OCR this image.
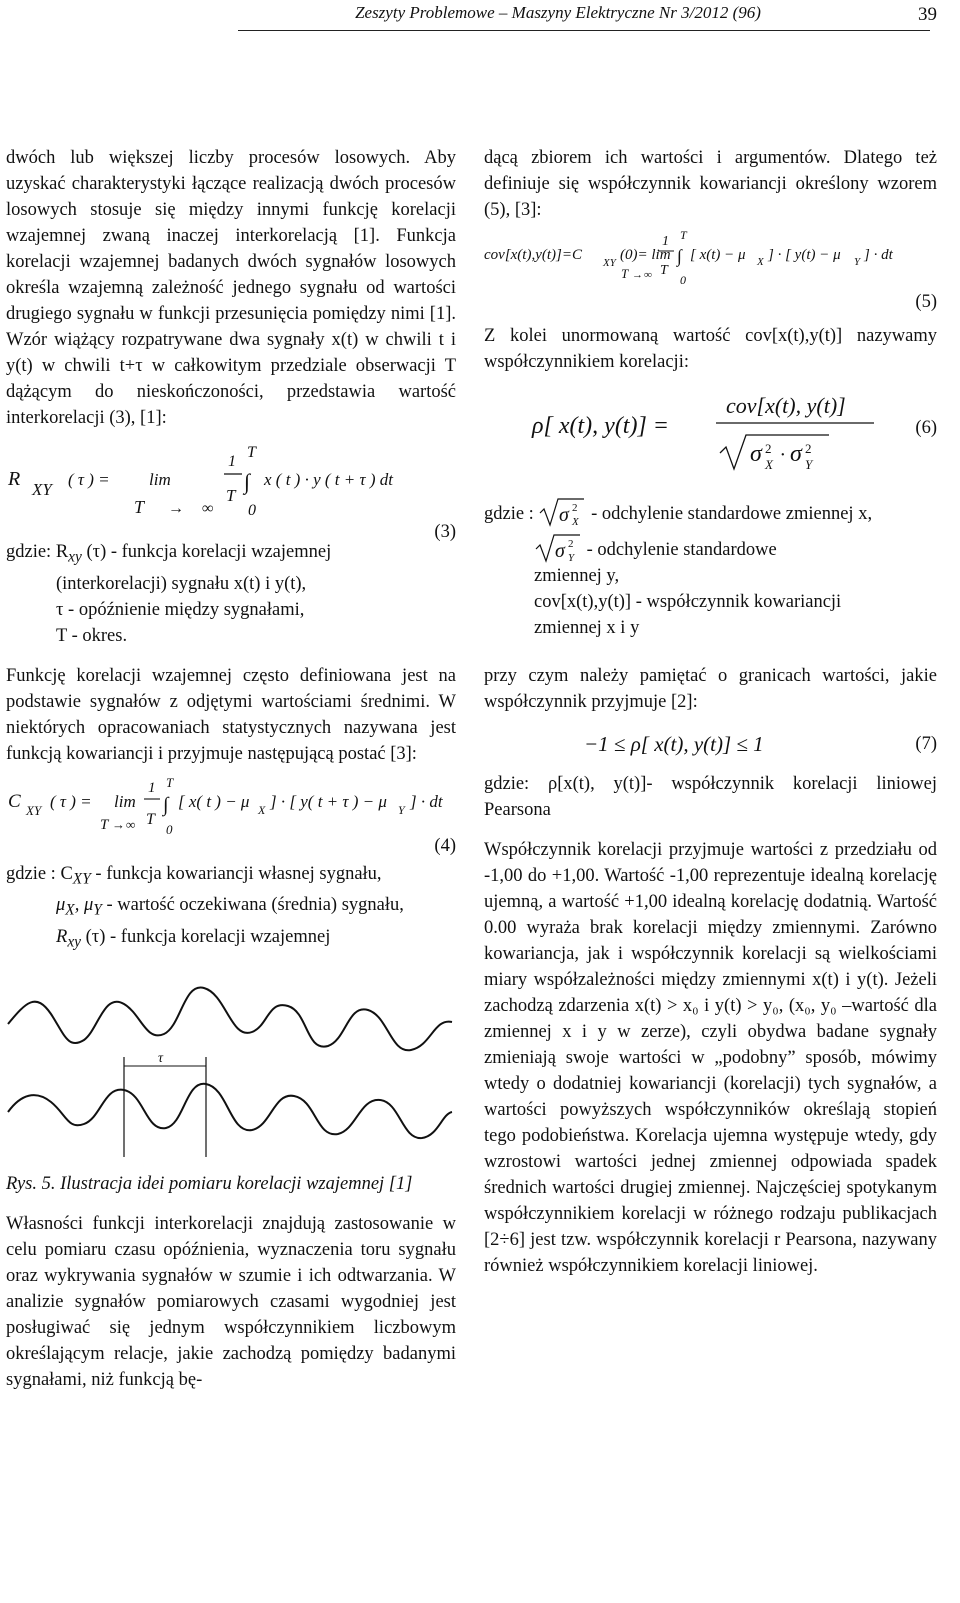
Zeszyty Problemowe – Maszyny Elektryczne Nr 3/2012 (96)	39

dwóch lub większej liczby procesów losowych. Aby uzyskać charakterystyki łączące realizacją dwóch procesów losowych stosuje się między innymi funkcję korelacji wzajemnej zwaną inaczej interkorelacją [1]. Funkcja korelacji wzajemnej badanych dwóch sygnałów losowych określa wzajemną zależność jednego sygnału od wartości drugiego sygnału w funkcji przesunięcia pomiędzy nimi [1]. Wzór wiążący rozpatrywane dwa sygnały x(t) w chwili t i y(t) w chwili t+τ w całkowitym przedziale obserwacji T dążącym do nieskończoności, przedstawia wartość interkorelacji (3), [1]:

R XY
( τ ) = lim
T → ∞
1
T
T
∫
0
x ( t ) · y ( t + τ ) dt
(3)
gdzie: $R_{xy}$ (τ) - funkcja korelacji wzajemnej
(interkorelacji) sygnału x(t) i y(t),
τ - opóźnienie między sygnałami,
T - okres.

Funkcję korelacji wzajemnej często definiowana jest na podstawie sygnałów z odjętymi wartościami średnimi. W niektórych opracowaniach statystycznych nazywana jest funkcją kowariancji i przyjmuje następującą postać [3]:

C XY ( τ ) = lim
T → ∞
1
T
T
∫
0
[ x( t ) − μ X ] · [ y( t + τ ) − μ Y ] · dt
(4)
gdzie : $C_{XY}$ - funkcja kowariancji własnej sygnału,
$\mu_X$, $\mu_Y$ - wartość oczekiwana (średnia) sygnału,
$R_{xy}$ (τ) - funkcja korelacji wzajemnej
τ
Rys. 5. Ilustracja idei pomiaru korelacji wzajemnej [1]

Własności funkcji interkorelacji znajdują zastosowanie w celu pomiaru czasu opóźnienia, wyznaczenia toru sygnału oraz wykrywania sygnałów w szumie i ich odtwarzania. W analizie sygnałów pomiarowych czasami wygodniej jest posługiwać się jednym współczynnikiem liczbowym określającym relacje, jakie zachodzą pomiędzy badanymi sygnałami, niż funkcją bę-

dącą zbiorem ich wartości i argumentów. Dlatego też definiuje się współczynnik kowariancji określony wzorem (5), [3]:

cov[x(t),y(t)]=C XY (0)= lim
T → ∞
1
T
T
∫
0
[ x(t) − μ X ] · [ y(t) − μ Y ] · dt
(5)

Z kolei unormowaną wartość cov[x(t),y(t)] nazywamy współczynnikiem korelacji:

ρ[ x(t), y(t)] =
cov[x(t), y(t)]
σ 2
X · σ 2
Y
(6)
gdzie : σ 2
X - odchylenie standardowe zmiennej x,
σ 2
Y - odchylenie standardowe
zmiennej y,
cov[x(t),y(t)] - współczynnik kowariancji
zmiennej x i y

przy czym należy pamiętać o granicach wartości, jakie współczynnik przyjmuje [2]:

−1 ≤ ρ[ x(t), y(t)] ≤ 1	(7)

gdzie: ρ[x(t), y(t)]- współczynnik korelacji liniowej Pearsona

Współczynnik korelacji przyjmuje wartości z przedziału od -1,00 do +1,00. Wartość -1,00 reprezentuje idealną korelację ujemną, a wartość +1,00 idealną korelację dodatnią. Wartość 0.00 wyraża brak korelacji między zmiennymi. Zarówno kowariancja, jak i współczynnik korelacji są wielkościami miary współzależności między zmiennymi x(t) i y(t). Jeżeli zachodzą zdarzenia x(t) > x₀ i y(t) > y₀, (x₀, y₀ –wartość dla zmiennej x i y w zerze), czyli obydwa badane sygnały zmieniają swoje wartości w „podobny” sposób, mówimy wtedy o dodatniej kowariancji (korelacji) tych sygnałów, a wartości powyższych współczynników określają stopień tego podobieństwa. Korelacja ujemna występuje wtedy, gdy wzrostowi wartości jednej zmiennej odpowiada spadek średnich wartości drugiej zmiennej. Najczęściej spotykanym współczynnikiem korelacji w różnego rodzaju publikacjach [2÷6] jest tzw. współczynnik korelacji r Pearsona, nazywany również współczynnikiem korelacji liniowej.
